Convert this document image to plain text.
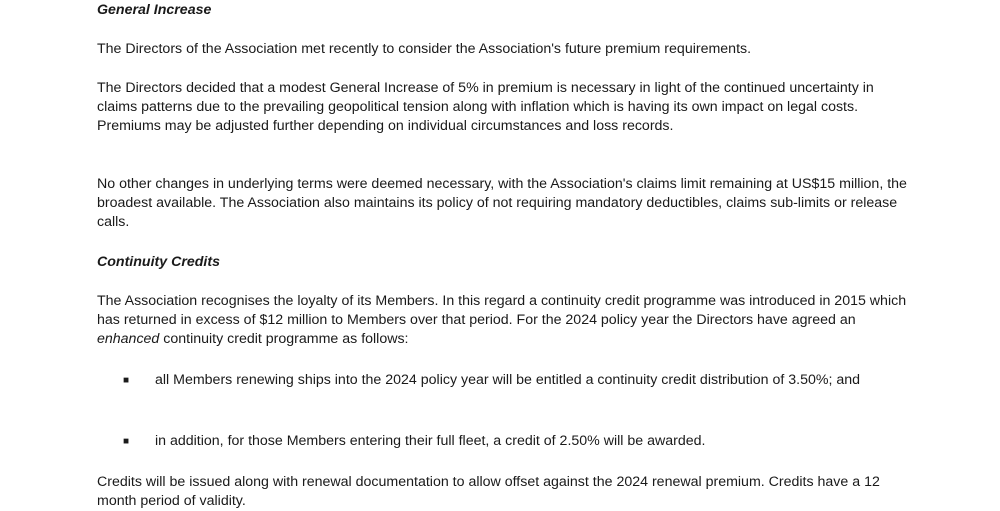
General Increase

The Directors of the Association met recently to consider the Association's future premium requirements.

The Directors decided that a modest General Increase of 5% in premium is necessary in light of the continued uncertainty in claims patterns due to the prevailing geopolitical tension along with inflation which is having its own impact on legal costs. Premiums may be adjusted further depending on individual circumstances and loss records.

No other changes in underlying terms were deemed necessary, with the Association's claims limit remaining at US$15 million, the broadest available. The Association also maintains its policy of not requiring mandatory deductibles, claims sub-limits or release calls.

Continuity Credits

The Association recognises the loyalty of its Members. In this regard a continuity credit programme was introduced in 2015 which has returned in excess of $12 million to Members over that period. For the 2024 policy year the Directors have agreed an enhanced continuity credit programme as follows:

■	all Members renewing ships into the 2024 policy year will be entitled a continuity credit distribution of 3.50%; and
■	in addition, for those Members entering their full fleet, a credit of 2.50% will be awarded.

Credits will be issued along with renewal documentation to allow offset against the 2024 renewal premium. Credits have a 12 month period of validity.
